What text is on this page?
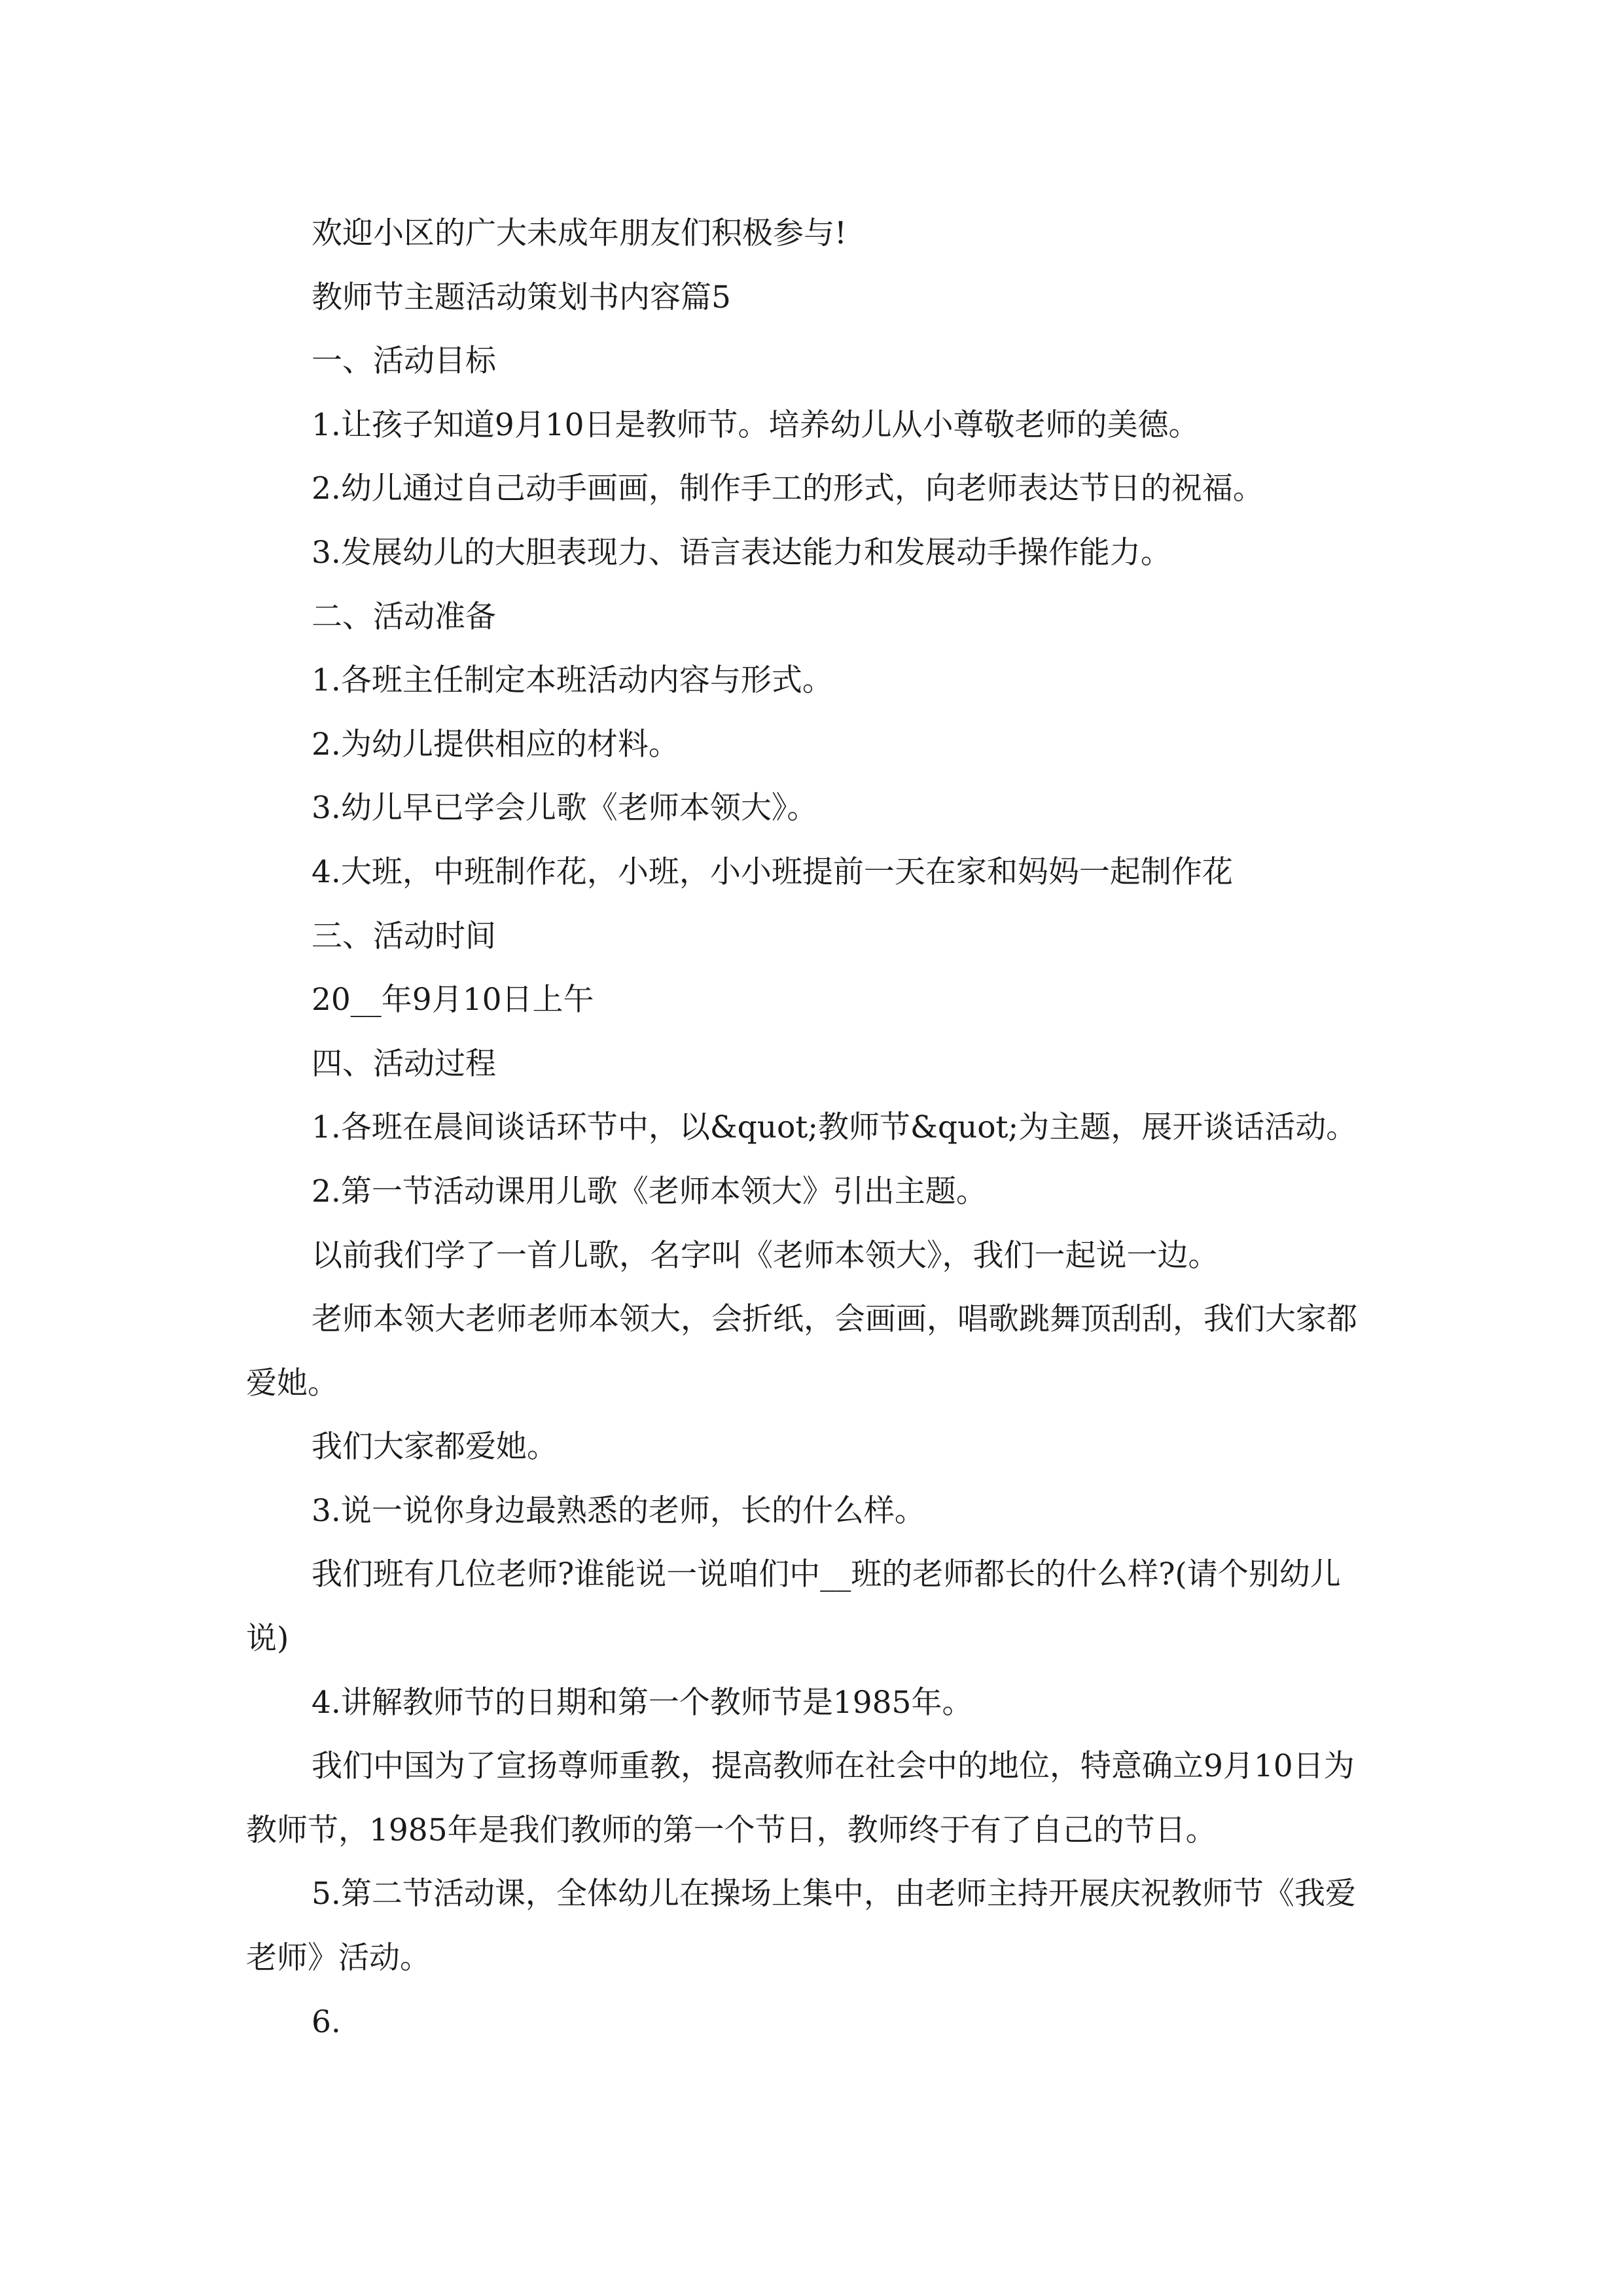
欢迎小区的广大未成年朋友们积极参与!

教师节主题活动策划书内容篇5

一、活动目标

1.让孩子知道9月10日是教师节。培养幼儿从小尊敬老师的美德。

2.幼儿通过自己动手画画，制作手工的形式，向老师表达节日的祝福。

3.发展幼儿的大胆表现力、语言表达能力和发展动手操作能力。

二、活动准备

1.各班主任制定本班活动内容与形式。

2.为幼儿提供相应的材料。

3.幼儿早已学会儿歌《老师本领大》。

4.大班，中班制作花，小班，小小班提前一天在家和妈妈一起制作花

三、活动时间

20__年9月10日上午

四、活动过程

1.各班在晨间谈话环节中，以&quot;教师节&quot;为主题，展开谈话活动。

2.第一节活动课用儿歌《老师本领大》引出主题。

以前我们学了一首儿歌，名字叫《老师本领大》，我们一起说一边。

老师本领大老师老师本领大，会折纸，会画画，唱歌跳舞顶刮刮，我们大家都爱她。

我们大家都爱她。

3.说一说你身边最熟悉的老师，长的什么样。

我们班有几位老师?谁能说一说咱们中__班的老师都长的什么样?(请个别幼儿说)

4.讲解教师节的日期和第一个教师节是1985年。

我们中国为了宣扬尊师重教，提高教师在社会中的地位，特意确立9月10日为教师节，1985年是我们教师的第一个节日，教师终于有了自己的节日。

5.第二节活动课，全体幼儿在操场上集中，由老师主持开展庆祝教师节《我爱老师》活动。

6.
